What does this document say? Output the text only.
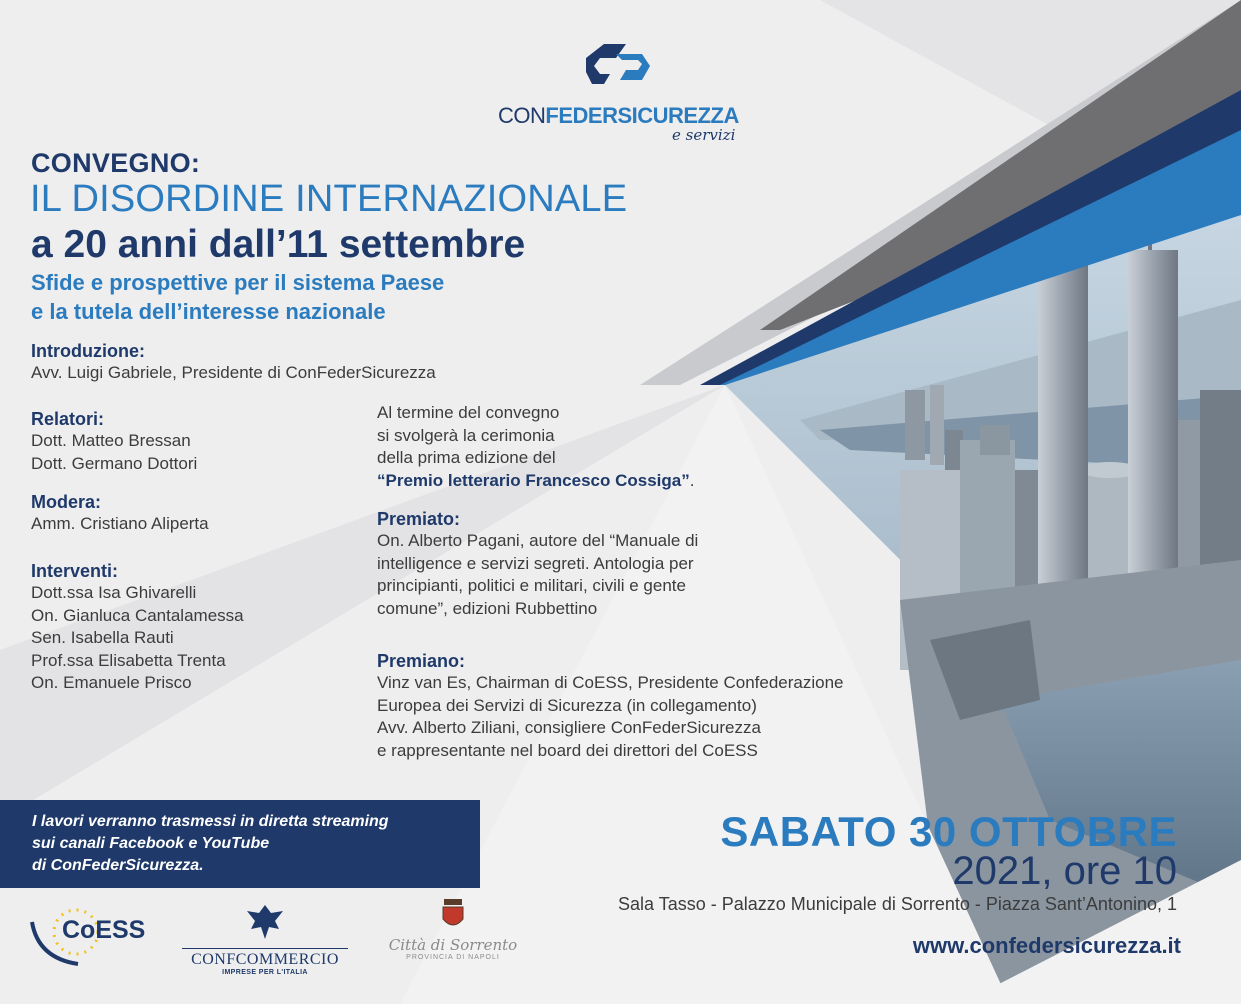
CONFEDERSICUREZZA
e servizi
CONVEGNO:
IL DISORDINE INTERNAZIONALE
a 20 anni dall’11 settembre
Sfide e prospettive per il sistema Paese
e la tutela dell’interesse nazionale
Introduzione:
Avv. Luigi Gabriele, Presidente di ConFederSicurezza
Relatori:
Dott. Matteo Bressan
Dott. Germano Dottori
Modera:
Amm. Cristiano Aliperta
Interventi:
Dott.ssa Isa Ghivarelli
On. Gianluca Cantalamessa
Sen. Isabella Rauti
Prof.ssa Elisabetta Trenta
On. Emanuele Prisco
Al termine del convegno
si svolgerà la cerimonia
della prima edizione del
“Premio letterario Francesco Cossiga”.
Premiato:
On. Alberto Pagani, autore del “Manuale di
intelligence e servizi segreti. Antologia per
principianti, politici e militari, civili e gente
comune”, edizioni Rubbettino
Premiano:
Vinz van Es, Chairman di CoESS, Presidente Confederazione
Europea dei Servizi di Sicurezza (in collegamento)
Avv. Alberto Ziliani, consigliere ConFederSicurezza
e rappresentante nel board dei direttori del CoESS
I lavori verranno trasmessi in diretta streaming
sui canali Facebook e YouTube
di ConFederSicurezza.
SABATO 30 OTTOBRE
2021, ore 10
Sala Tasso - Palazzo Municipale di Sorrento - Piazza Sant’Antonino, 1
www.confedersicurezza.it
CoESS
CONFCOMMERCIO
IMPRESE PER L'ITALIA
Città di Sorrento
PROVINCIA DI NAPOLI
